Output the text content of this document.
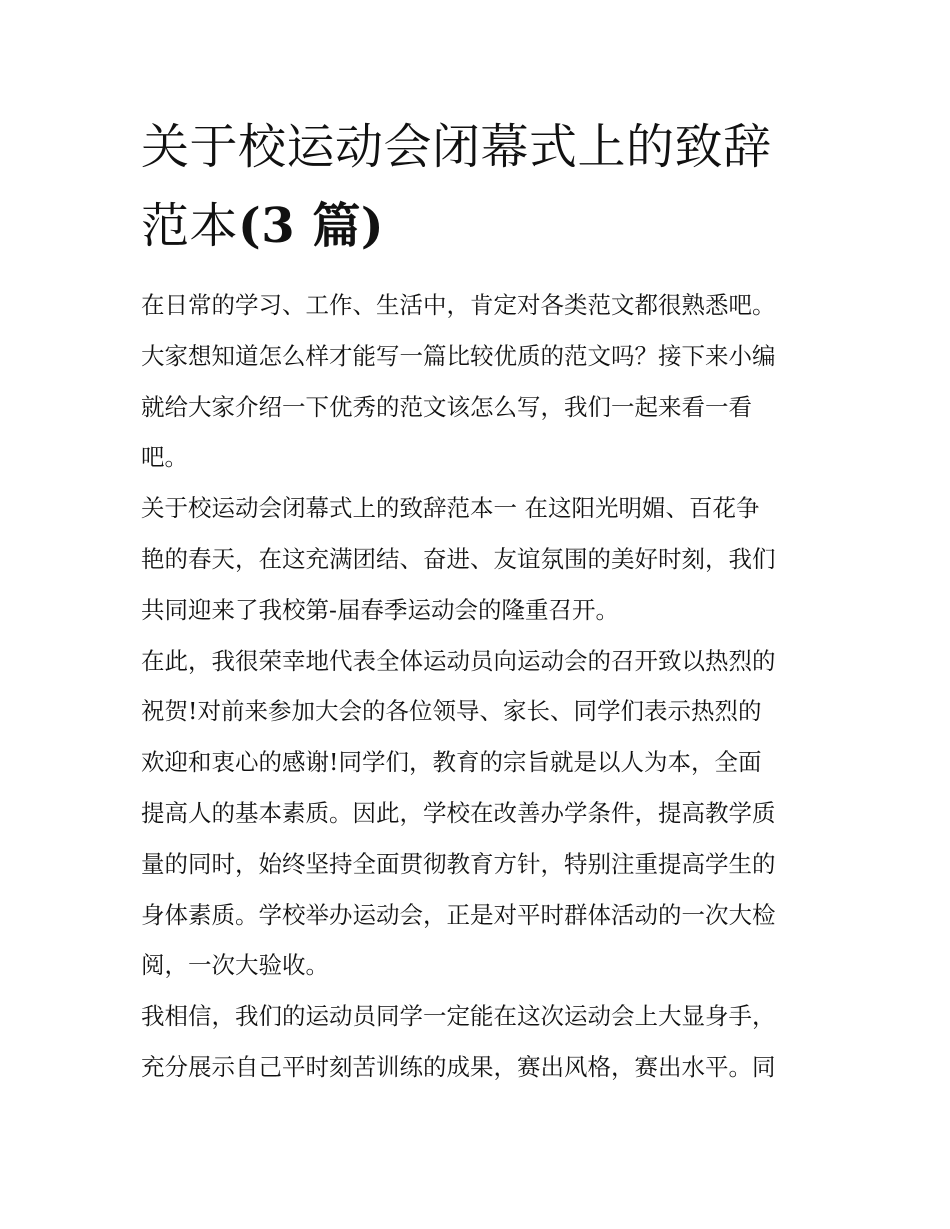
关于校运动会闭幕式上的致辞
范本(3 篇)

在日常的学习、工作、生活中，肯定对各类范文都很熟悉吧。
大家想知道怎么样才能写一篇比较优质的范文吗？接下来小编
就给大家介绍一下优秀的范文该怎么写，我们一起来看一看
吧。

关于校运动会闭幕式上的致辞范本一 在这阳光明媚、百花争
艳的春天，在这充满团结、奋进、友谊氛围的美好时刻，我们
共同迎来了我校第-届春季运动会的隆重召开。

在此，我很荣幸地代表全体运动员向运动会的召开致以热烈的
祝贺!对前来参加大会的各位领导、家长、同学们表示热烈的
欢迎和衷心的感谢!同学们，教育的宗旨就是以人为本，全面
提高人的基本素质。因此，学校在改善办学条件，提高教学质
量的同时，始终坚持全面贯彻教育方针，特别注重提高学生的
身体素质。学校举办运动会，正是对平时群体活动的一次大检
阅，一次大验收。

我相信，我们的运动员同学一定能在这次运动会上大显身手，
充分展示自己平时刻苦训练的成果，赛出风格，赛出水平。同
